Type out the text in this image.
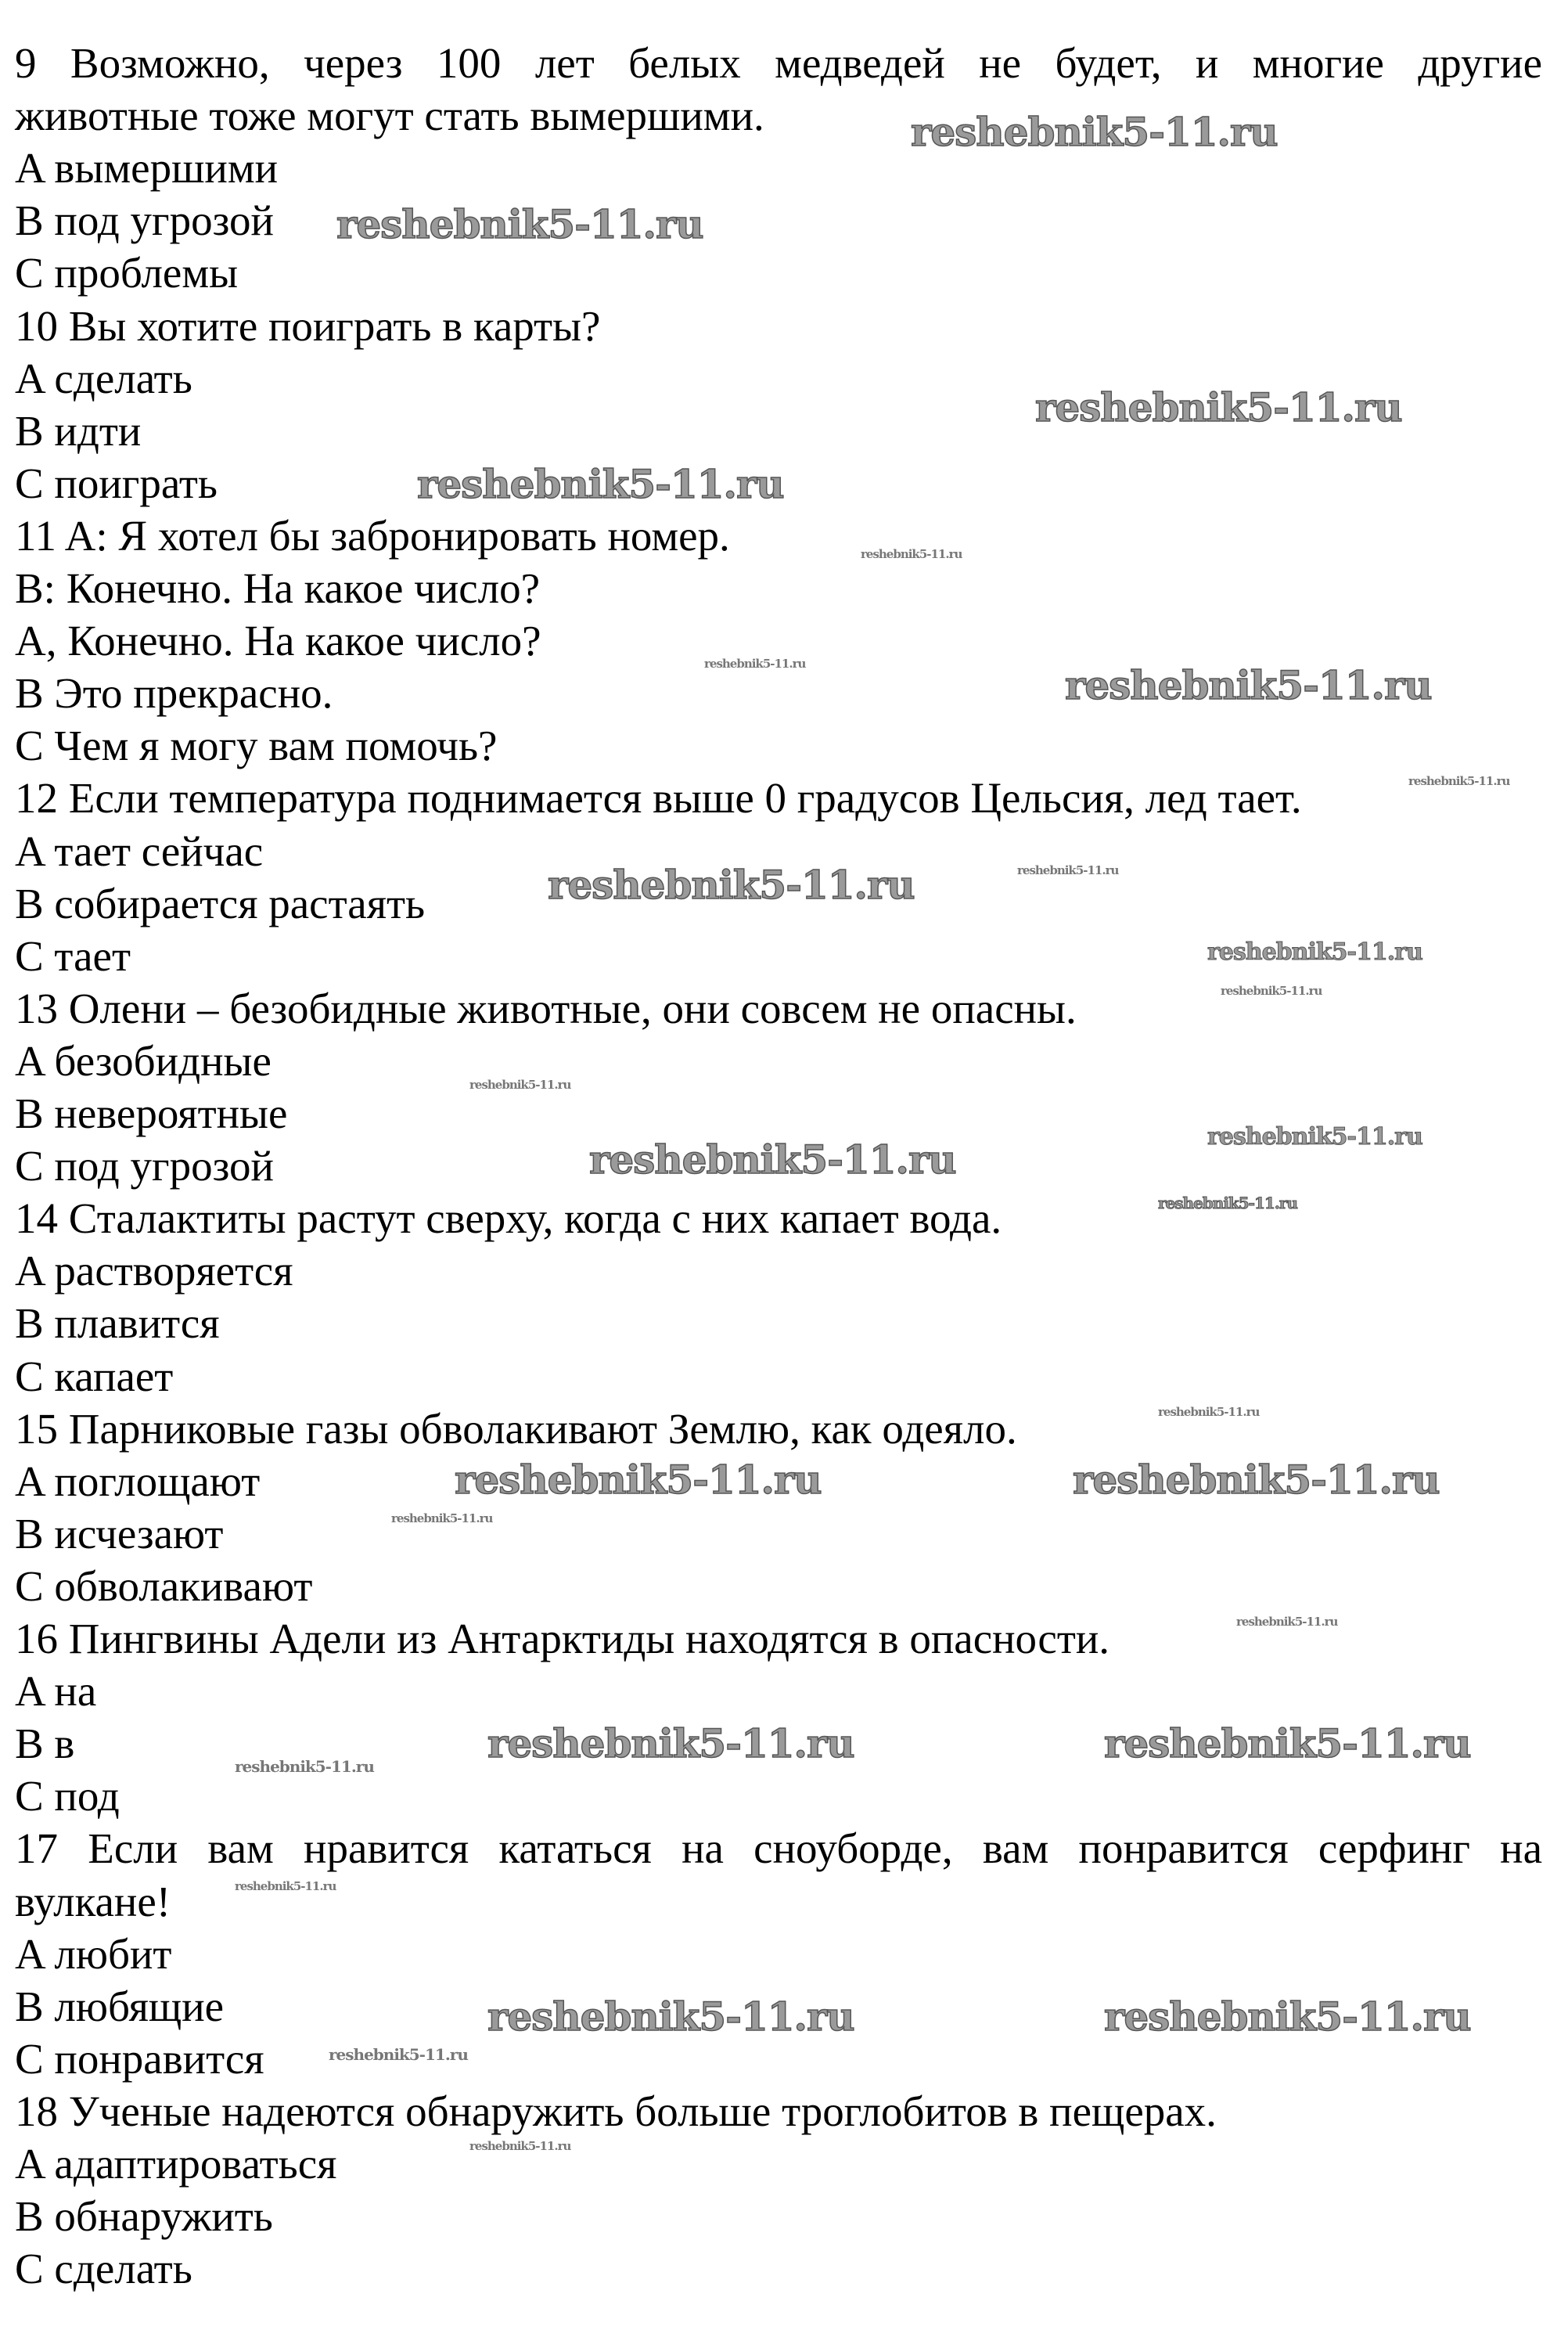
9 Возможно, через 100 лет белых медведей не будет, и многие другие
животные тоже могут стать вымершими.
A вымершими
B под угрозой
C проблемы
10 Вы хотите поиграть в карты?
A сделать
B идти
C поиграть
11 A: Я хотел бы забронировать номер.
B: Конечно. На какое число?
A, Конечно. На какое число?
B Это прекрасно.
C Чем я могу вам помочь?
12 Если температура поднимается выше 0 градусов Цельсия, лед тает.
A тает сейчас
B собирается растаять
C тает
13 Олени – безобидные животные, они совсем не опасны.
A безобидные
B невероятные
C под угрозой
14 Сталактиты растут сверху, когда с них капает вода.
A растворяется
B плавится
C капает
15 Парниковые газы обволакивают Землю, как одеяло.
A поглощают
B исчезают
C обволакивают
16 Пингвины Адели из Антарктиды находятся в опасности.
A на
B в
C под
17 Если вам нравится кататься на сноуборде, вам понравится серфинг на
вулкане!
A любит
B любящие
C понравится
18 Ученые надеются обнаружить больше троглобитов в пещерах.
A адаптироваться
B обнаружить
C сделать
reshebnik5-11.ru
reshebnik5-11.ru
reshebnik5-11.ru
reshebnik5-11.ru
reshebnik5-11.ru
reshebnik5-11.ru
reshebnik5-11.ru
reshebnik5-11.ru	reshebnik5-11.ru
reshebnik5-11.ru	reshebnik5-11.ru
reshebnik5-11.ru	reshebnik5-11.ru
reshebnik5-11.ru
reshebnik5-11.ru
reshebnik5-11.ru
reshebnik5-11.ru
reshebnik5-11.ru
reshebnik5-11.ru
reshebnik5-11.ru
reshebnik5-11.ru
reshebnik5-11.ru
reshebnik5-11.ru
reshebnik5-11.ru
reshebnik5-11.ru
reshebnik5-11.ru
reshebnik5-11.ru
reshebnik5-11.ru
reshebnik5-11.ru
